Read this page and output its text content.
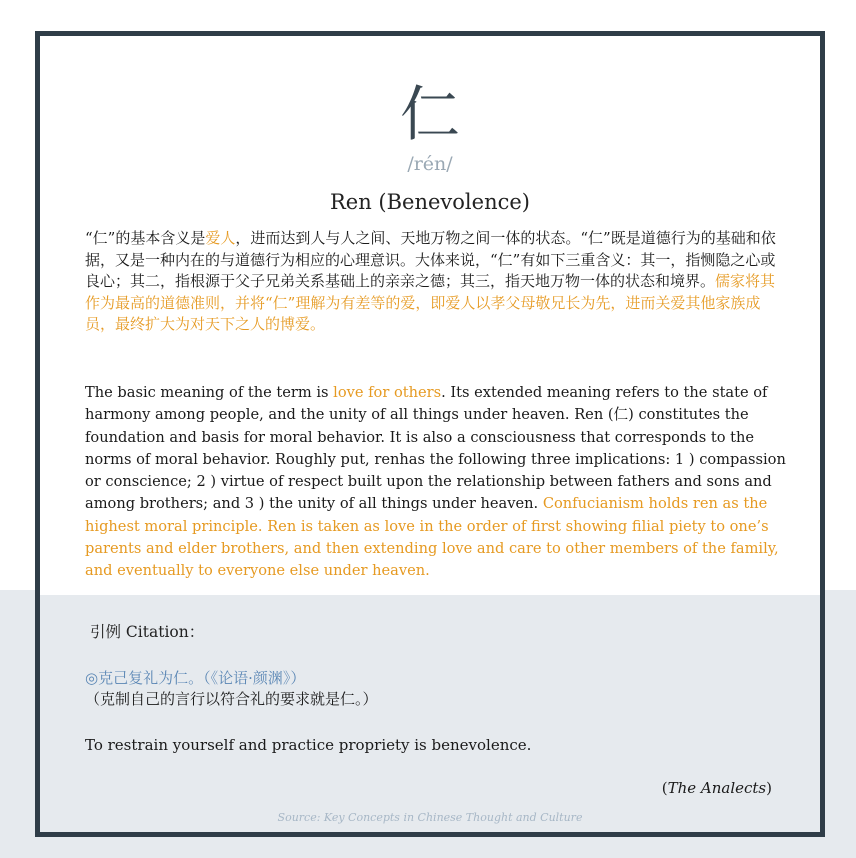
仁
/rén/
Ren (Benevolence)

“仁”的基本含义是爱人，进而达到人与人之间、天地万物之间一体的状态。“仁”既是道德行为的基础和依据，又是一种内在的与道德行为相应的心理意识。大体来说，“仁”有如下三重含义：其一，指恻隐之心或良心；其二，指根源于父子兄弟关系基础上的亲亲之德；其三，指天地万物一体的状态和境界。儒家将其作为最高的道德准则，并将“仁”理解为有差等的爱，即爱人以孝父母敬兄长为先，进而关爱其他家族成员，最终扩大为对天下之人的博爱。

The basic meaning of the term is love for others. Its extended meaning refers to the state of harmony among people, and the unity of all things under heaven. Ren (仁) constitutes the foundation and basis for moral behavior. It is also a consciousness that corresponds to the norms of moral behavior. Roughly put, renhas the following three implications: 1 ) compassion or conscience; 2 ) virtue of respect built upon the relationship between fathers and sons and among brothers; and 3 ) the unity of all things under heaven. Confucianism holds ren as the highest moral principle. Ren is taken as love in the order of first showing filial piety to one’s parents and elder brothers, and then extending love and care to other members of the family, and eventually to everyone else under heaven.

引例 Citation：
◎克己复礼为仁。（《论语·颜渊》）
（克制自己的言行以符合礼的要求就是仁。）
To restrain yourself and practice propriety is benevolence.
(The Analects)
Source: Key Concepts in Chinese Thought and Culture
